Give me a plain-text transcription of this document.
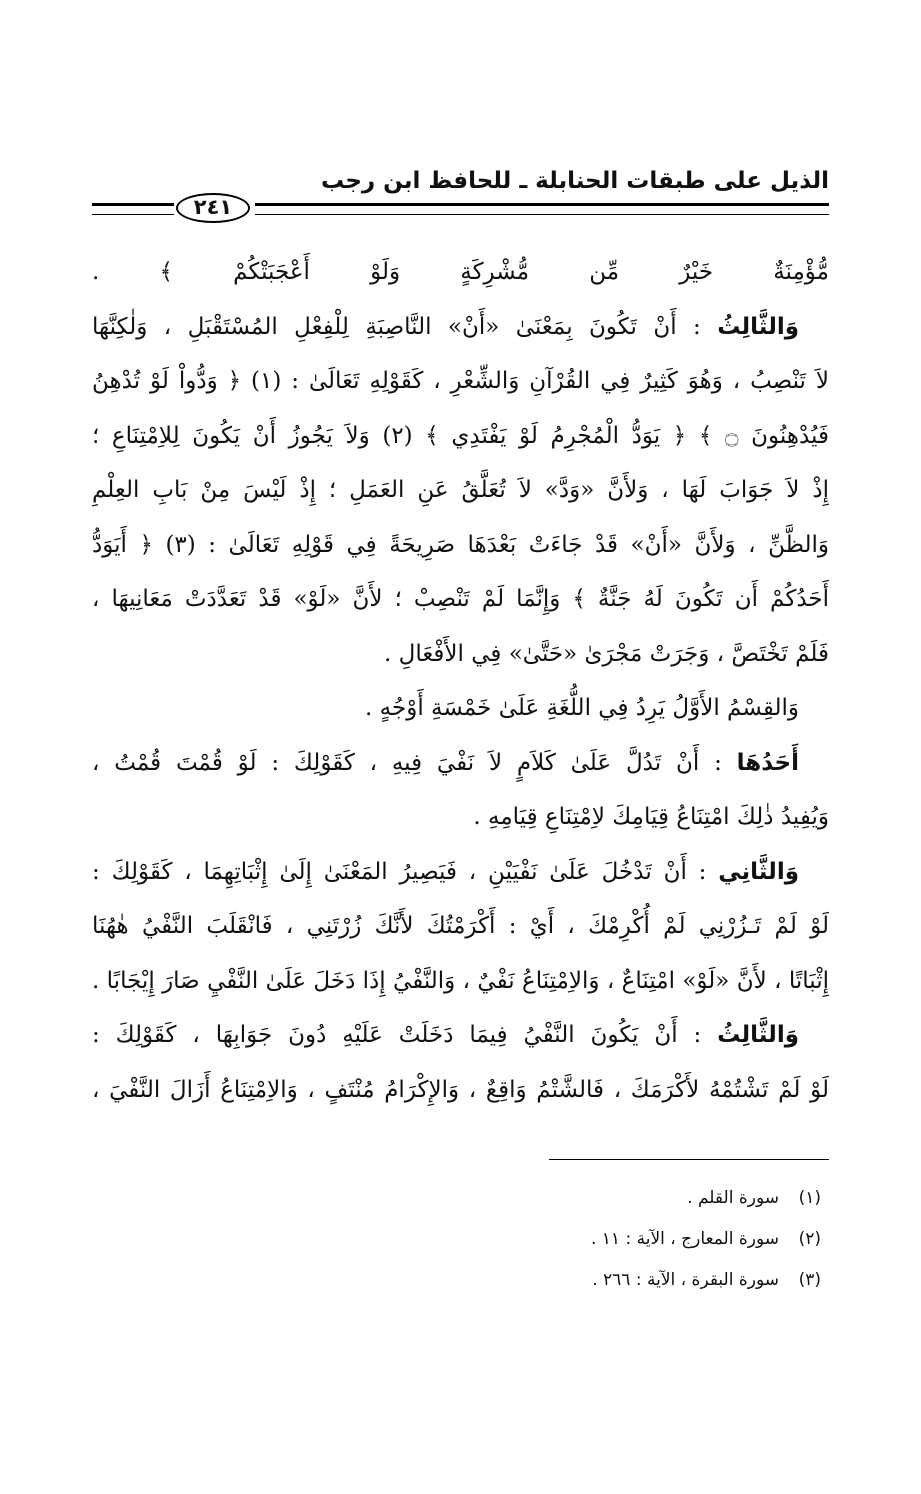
الذيل على طبقات الحنابلة ـ للحافظ ابن رجب
٢٤١
مُّؤْمِنَةٌ خَيْرٌ مِّن مُّشْرِكَةٍ وَلَوْ أَعْجَبَتْكُمْ ﴾ .
وَالثَّالِثُ : أَنْ تَكُونَ بِمَعْنَىٰ «أَنْ» النَّاصِبَةِ لِلْفِعْلِ المُسْتَقْبَلِ ، وَلٰكِنَّهَا
لاَ تَنْصِبُ ، وَهُوَ كَثِيرٌ فِي القُرْآنِ وَالشِّعْرِ ، كَقَوْلِهِ تَعَالَىٰ : (١) ﴿ وَدُّواْ لَوْ تُدْهِنُ
فَيُدْهِنُونَ ۝ ﴾ ﴿ يَوَدُّ الْمُجْرِمُ لَوْ يَفْتَدِي ﴾ (٢) وَلاَ يَجُوزُ أَنْ يَكُونَ لِلاِمْتِنَاعِ ؛
إِذْ لاَ جَوَابَ لَهَا ، وَلأَنَّ «وَدَّ» لاَ تُعَلَّقُ عَنِ العَمَلِ ؛ إِذْ لَيْسَ مِنْ بَابِ العِلْمِ
وَالظَّنِّ ، وَلأَنَّ «أَنْ» قَدْ جَاءَتْ بَعْدَهَا صَرِيحَةً فِي قَوْلِهِ تَعَالَىٰ : (٣) ﴿ أَيَوَدُّ
أَحَدُكُمْ أَن تَكُونَ لَهُ جَنَّةٌ ﴾ وَإِنَّمَا لَمْ تَنْصِبْ ؛ لأَنَّ «لَوْ» قَدْ تَعَدَّدَتْ مَعَانِيهَا ،
فَلَمْ تَخْتَصَّ ، وَجَرَتْ مَجْرَىٰ «حَتَّىٰ» فِي الأَفْعَالِ .
وَالقِسْمُ الأَوَّلُ يَرِدُ فِي اللُّغَةِ عَلَىٰ خَمْسَةِ أَوْجُهٍ .
أَحَدُهَا : أَنْ تَدُلَّ عَلَىٰ كَلاَمٍ لاَ نَفْيَ فِيهِ ، كَقَوْلِكَ : لَوْ قُمْتَ قُمْتُ ،
وَيُفِيدُ ذٰلِكَ امْتِنَاعُ قِيَامِكَ لاِمْتِنَاعِ قِيَامِهِ .
وَالثَّانِي : أَنْ تَدْخُلَ عَلَىٰ نَفْيَيْنِ ، فَيَصِيرُ المَعْنَىٰ إِلَىٰ إِثْبَاتِهِمَا ، كَقَوْلِكَ :
لَوْ لَمْ تَـزُرْنِي لَمْ أُكْرِمْكَ ، أَيْ : أَكْرَمْتُكَ لأَنَّكَ زُرْتَنِي ، فَانْقَلَبَ النَّفْيُ هٰهُنَا
إِثْبَاتًا ، لأَنَّ «لَوْ» امْتِنَاعٌ ، وَالاِمْتِنَاعُ نَفْيٌ ، وَالنَّفْيُ إِذَا دَخَلَ عَلَىٰ النَّفْيِ صَارَ إِيْجَابًا .
وَالثَّالِثُ : أَنْ يَكُونَ النَّفْيُ فِيمَا دَخَلَتْ عَلَيْهِ دُونَ جَوَابِهَا ، كَقَوْلِكَ :
لَوْ لَمْ تَشْتُمْهُ لأَكْرَمَكَ ، فَالشَّتْمُ وَاقِعٌ ، وَالإِكْرَامُ مُنْتَفٍ ، وَالاِمْتِنَاعُ أَزَالَ النَّفْيَ ،
(١)سورة القلم .
(٢)سورة المعارج ، الآية : ١١ .
(٣)سورة البقرة ، الآية : ٢٦٦ .
